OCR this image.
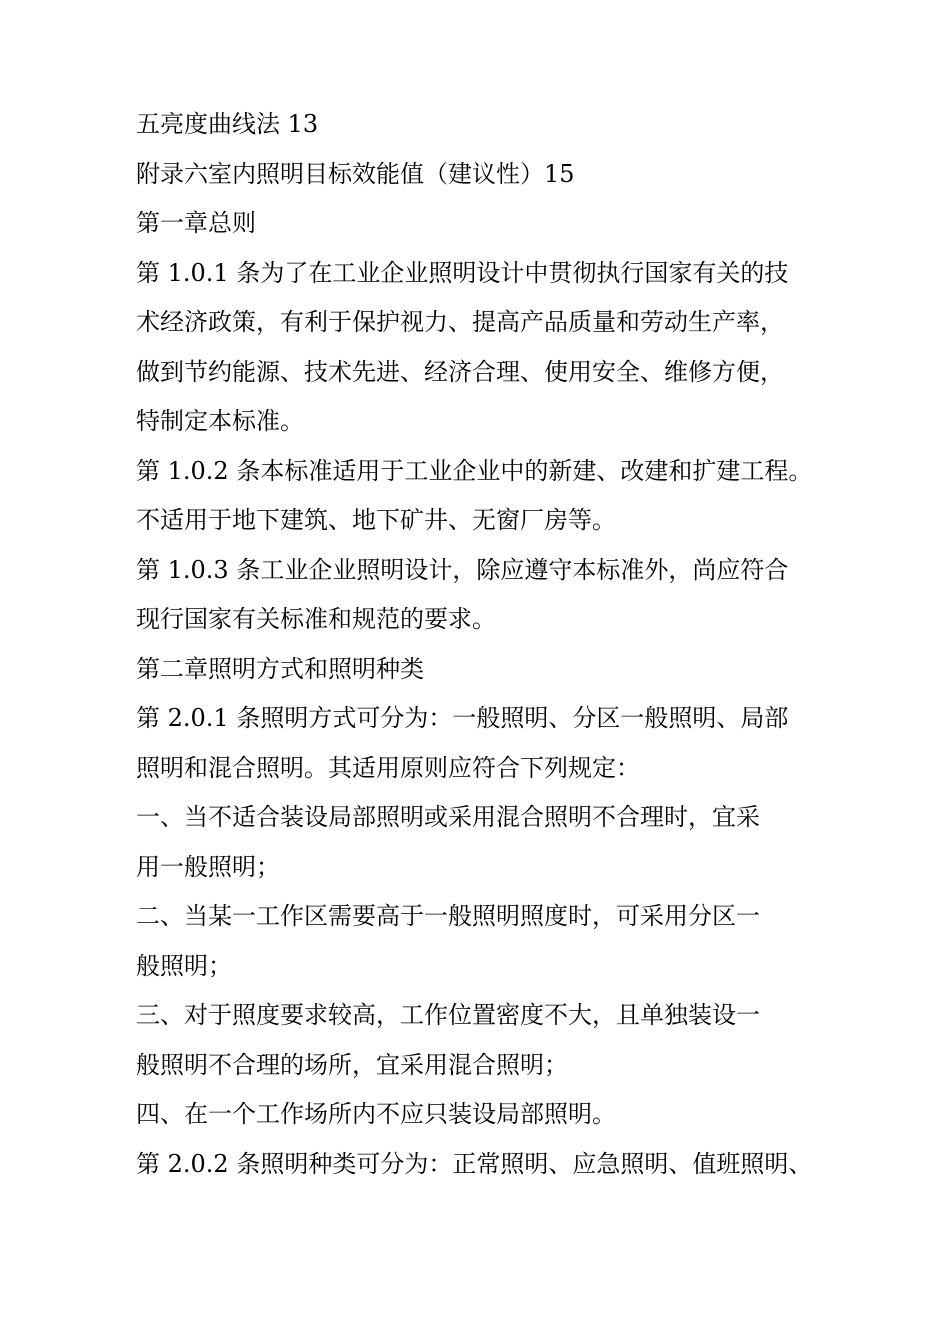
五亮度曲线法 13
附录六室内照明目标效能值（建议性）15
第一章总则
第 1.0.1 条为了在工业企业照明设计中贯彻执行国家有关的技
术经济政策，有利于保护视力、提高产品质量和劳动生产率，
做到节约能源、技术先进、经济合理、使用安全、维修方便，
特制定本标准。
第 1.0.2 条本标准适用于工业企业中的新建、改建和扩建工程。
不适用于地下建筑、地下矿井、无窗厂房等。
第 1.0.3 条工业企业照明设计，除应遵守本标准外，尚应符合
现行国家有关标准和规范的要求。
第二章照明方式和照明种类
第 2.0.1 条照明方式可分为：一般照明、分区一般照明、局部
照明和混合照明。其适用原则应符合下列规定：
一、当不适合装设局部照明或采用混合照明不合理时，宜采
用一般照明；
二、当某一工作区需要高于一般照明照度时，可采用分区一
般照明；
三、对于照度要求较高，工作位置密度不大，且单独装设一
般照明不合理的场所，宜采用混合照明；
四、在一个工作场所内不应只装设局部照明。
第 2.0.2 条照明种类可分为：正常照明、应急照明、值班照明、
